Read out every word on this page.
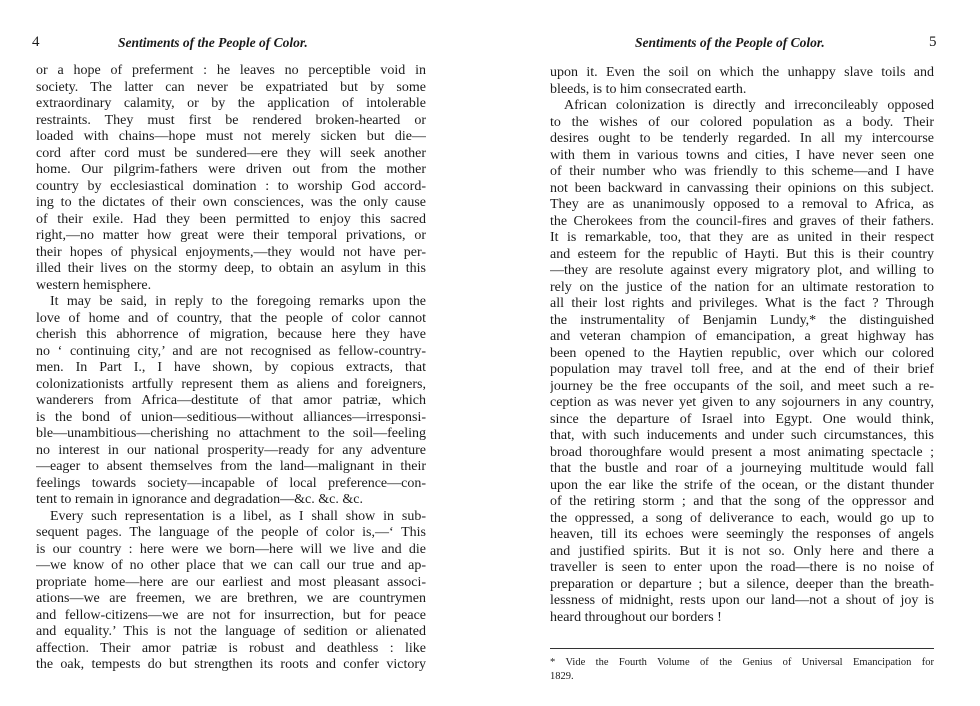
4	Sentiments of the People of Color.
or a hope of preferment : he leaves no perceptible void in
society. The latter can never be expatriated but by some
extraordinary calamity, or by the application of intolerable
restraints. They must first be rendered broken-hearted or
loaded with chains—hope must not merely sicken but die—
cord after cord must be sundered—ere they will seek another
home. Our pilgrim-fathers were driven out from the mother
country by ecclesiastical domination : to worship God accord-
ing to the dictates of their own consciences, was the only cause
of their exile. Had they been permitted to enjoy this sacred
right,—no matter how great were their temporal privations, or
their hopes of physical enjoyments,—they would not have per-
illed their lives on the stormy deep, to obtain an asylum in this
western hemisphere.
It may be said, in reply to the foregoing remarks upon the
love of home and of country, that the people of color cannot
cherish this abhorrence of migration, because here they have
no ‘ continuing city,’ and are not recognised as fellow-country-
men. In Part I., I have shown, by copious extracts, that
colonizationists artfully represent them as aliens and foreigners,
wanderers from Africa—destitute of that amor patriæ, which
is the bond of union—seditious—without alliances—irresponsi-
ble—unambitious—cherishing no attachment to the soil—feeling
no interest in our national prosperity—ready for any adventure
—eager to absent themselves from the land—malignant in their
feelings towards society—incapable of local preference—con-
tent to remain in ignorance and degradation—&c. &c. &c.
Every such representation is a libel, as I shall show in sub-
sequent pages. The language of the people of color is,—‘ This
is our country : here were we born—here will we live and die
—we know of no other place that we can call our true and ap-
propriate home—here are our earliest and most pleasant associ-
ations—we are freemen, we are brethren, we are countrymen
and fellow-citizens—we are not for insurrection, but for peace
and equality.’ This is not the language of sedition or alienated
affection. Their amor patriæ is robust and deathless : like
the oak, tempests do but strengthen its roots and confer victory
5
Sentiments of the People of Color.
upon it. Even the soil on which the unhappy slave toils and
bleeds, is to him consecrated earth.
African colonization is directly and irreconcileably opposed
to the wishes of our colored population as a body. Their
desires ought to be tenderly regarded. In all my intercourse
with them in various towns and cities, I have never seen one
of their number who was friendly to this scheme—and I have
not been backward in canvassing their opinions on this subject.
They are as unanimously opposed to a removal to Africa, as
the Cherokees from the council-fires and graves of their fathers.
It is remarkable, too, that they are as united in their respect
and esteem for the republic of Hayti. But this is their country
—they are resolute against every migratory plot, and willing to
rely on the justice of the nation for an ultimate restoration to
all their lost rights and privileges. What is the fact ? Through
the instrumentality of Benjamin Lundy,* the distinguished
and veteran champion of emancipation, a great highway has
been opened to the Haytien republic, over which our colored
population may travel toll free, and at the end of their brief
journey be the free occupants of the soil, and meet such a re-
ception as was never yet given to any sojourners in any country,
since the departure of Israel into Egypt. One would think,
that, with such inducements and under such circumstances, this
broad thoroughfare would present a most animating spectacle ;
that the bustle and roar of a journeying multitude would fall
upon the ear like the strife of the ocean, or the distant thunder
of the retiring storm ; and that the song of the oppressor and
the oppressed, a song of deliverance to each, would go up to
heaven, till its echoes were seemingly the responses of angels
and justified spirits. But it is not so. Only here and there a
traveller is seen to enter upon the road—there is no noise of
preparation or departure ; but a silence, deeper than the breath-
lessness of midnight, rests upon our land—not a shout of joy is
heard throughout our borders !
* Vide the Fourth Volume of the Genius of Universal Emancipation for
1829.
